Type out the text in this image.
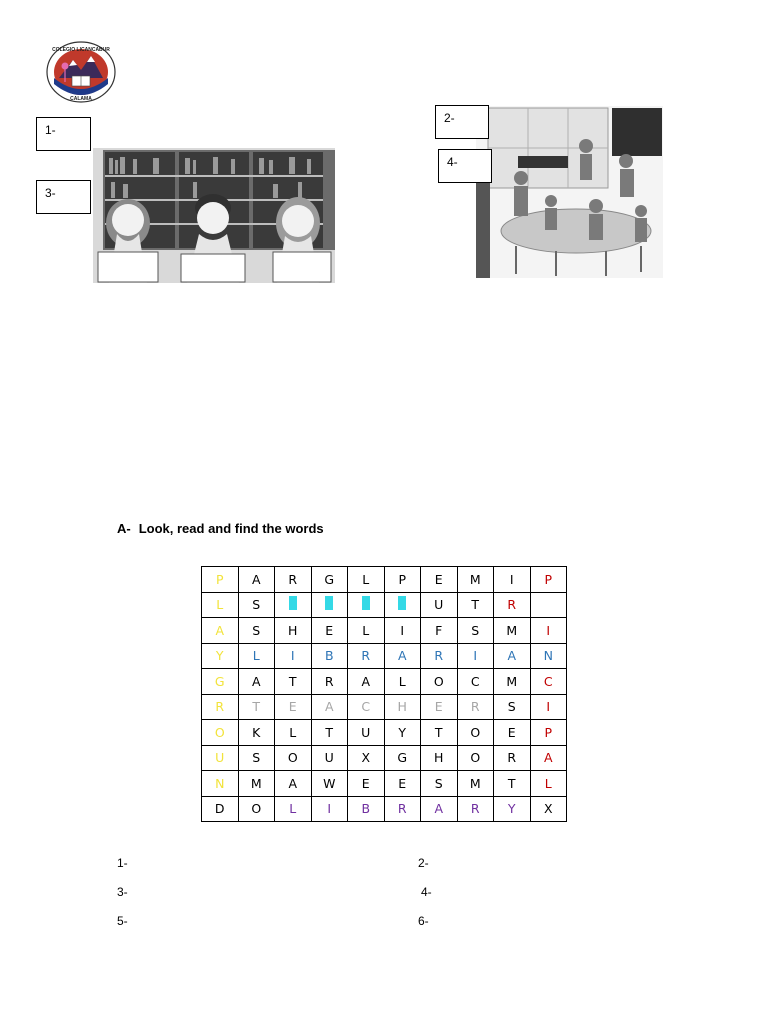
COLEGIO LICANCABUR
CALAMA
1-
2-
3-
4-
A- Look, read and find the words
P	A	R	G	L	P	E	M	I	P
L	S					U	T	R	
A	S	H	E	L	I	F	S	M	I
Y	L	I	B	R	A	R	I	A	N
G	A	T	R	A	L	O	C	M	C
R	T	E	A	C	H	E	R	S	I
O	K	L	T	U	Y	T	O	E	P
U	S	O	U	X	G	H	O	R	A
N	M	A	W	E	E	S	M	T	L
D	O	L	I	B	R	A	R	Y	X
1-	2-
3-	4-
5-	6-
